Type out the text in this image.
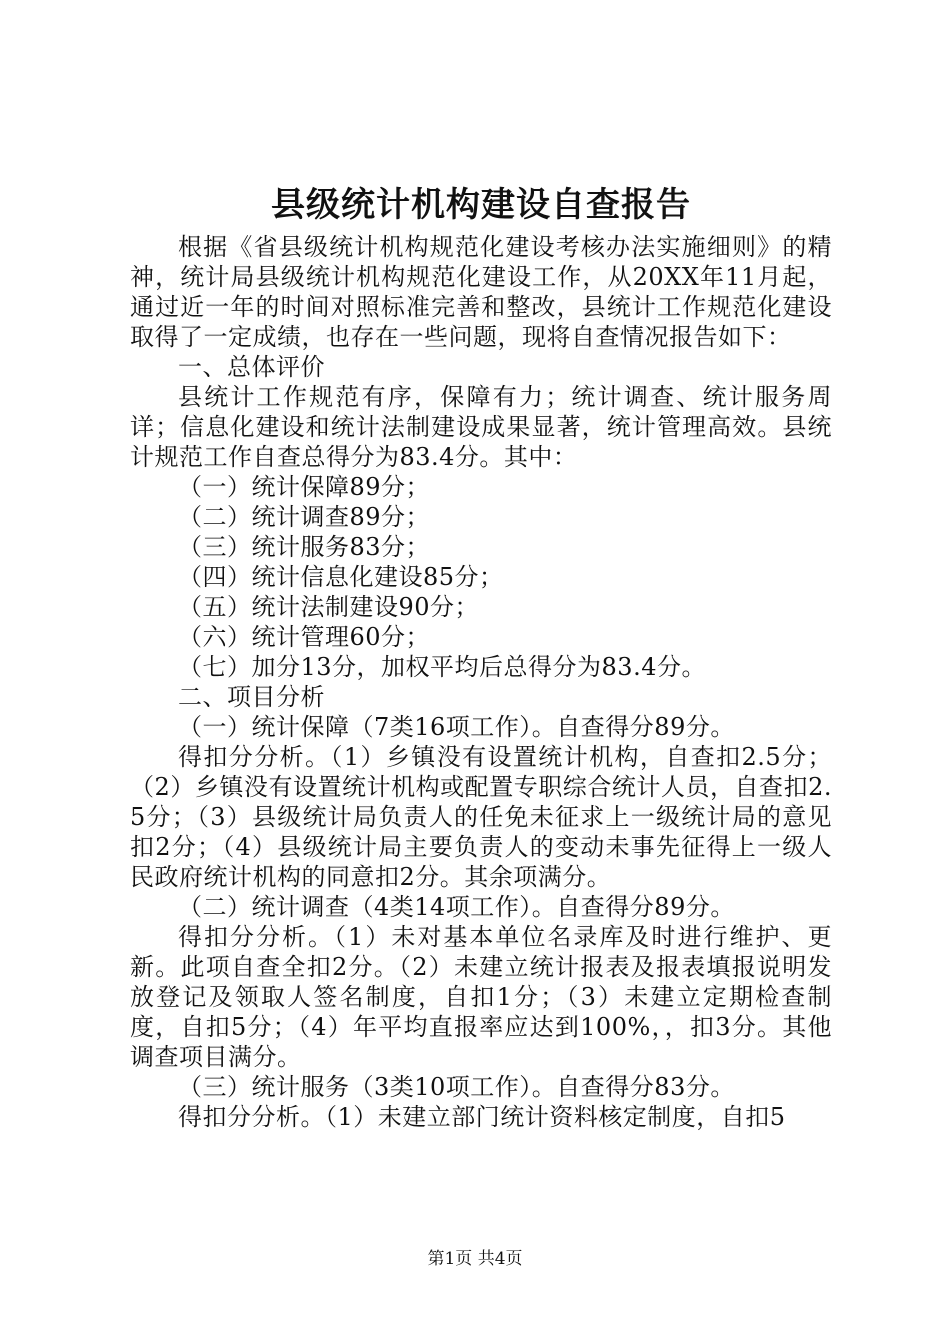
县级统计机构建设自查报告

根据《省县级统计机构规范化建设考核办法实施细则》的精神，统计局县级统计机构规范化建设工作，从20XX年11月起，通过近一年的时间对照标准完善和整改，县统计工作规范化建设取得了一定成绩，也存在一些问题，现将自查情况报告如下：

一、总体评价

县统计工作规范有序，保障有力；统计调查、统计服务周详；信息化建设和统计法制建设成果显著，统计管理高效。县统计规范工作自查总得分为83.4分。其中：

（一）统计保障89分；

（二）统计调查89分；

（三）统计服务83分；

（四）统计信息化建设85分；

（五）统计法制建设90分；

（六）统计管理60分；

（七）加分13分，加权平均后总得分为83.4分。

二、项目分析

（一）统计保障（7类16项工作）。自查得分89分。

得扣分分析。（1）乡镇没有设置统计机构，自查扣2.5分；（2）乡镇没有设置统计机构或配置专职综合统计人员，自查扣2.5分；（3）县级统计局负责人的任免未征求上一级统计局的意见扣2分；（4）县级统计局主要负责人的变动未事先征得上一级人民政府统计机构的同意扣2分。其余项满分。

（二）统计调查（4类14项工作）。自查得分89分。

得扣分分析。（1）未对基本单位名录库及时进行维护、更新。此项自查全扣2分。（2）未建立统计报表及报表填报说明发放登记及领取人签名制度，自扣1分；（3）未建立定期检查制度，自扣5分；（4）年平均直报率应达到100%，，扣3分。其他调查项目满分。

（三）统计服务（3类10项工作）。自查得分83分。

得扣分分析。（1）未建立部门统计资料核定制度，自扣5

第1页 共4页
